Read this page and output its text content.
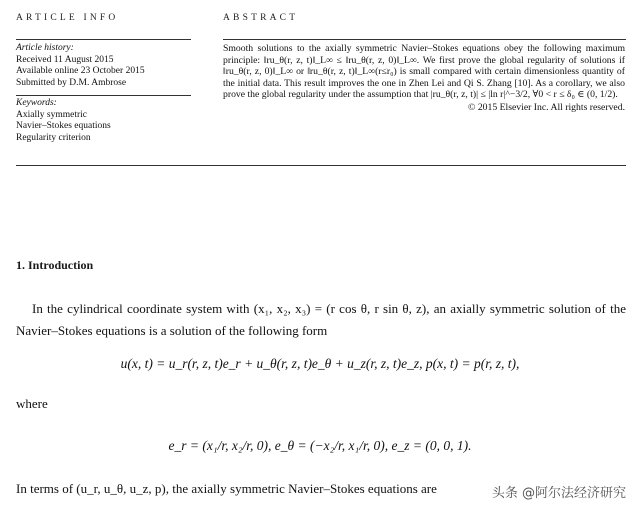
ARTICLE INFO	ABSTRACT
Article history:
Received 11 August 2015
Available online 23 October 2015
Submitted by D.M. Ambrose
Keywords:
Axially symmetric
Navier–Stokes equations
Regularity criterion

Smooth solutions to the axially symmetric Navier–Stokes equations obey the following maximum principle: ‖ru_θ(r, z, t)‖_L∞ ≤ ‖ru_θ(r, z, 0)‖_L∞. We first prove the global regularity of solutions if ‖ru_θ(r, z, 0)‖_L∞ or ‖ru_θ(r, z, t)‖_L∞(r≤r₀) is small compared with certain dimensionless quantity of the initial data. This result improves the one in Zhen Lei and Qi S. Zhang [10]. As a corollary, we also prove the global regularity under the assumption that |ru_θ(r, z, t)| ≤ |ln r|^−3/2, ∀0 < r ≤ δ₀ ∈ (0, 1/2).

© 2015 Elsevier Inc. All rights reserved.
1. Introduction
In the cylindrical coordinate system with (x₁, x₂, x₃) = (r cos θ, r sin θ, z), an axially symmetric solution of the Navier–Stokes equations is a solution of the following form
u(x, t) = u_r(r, z, t)e_r + u_θ(r, z, t)e_θ + u_z(r, z, t)e_z, p(x, t) = p(r, z, t),
where
e_r = (x₁/r, x₂/r, 0), e_θ = (−x₂/r, x₁/r, 0), e_z = (0, 0, 1).
In terms of (u_r, u_θ, u_z, p), the axially symmetric Navier–Stokes equations are	头条 @阿尔法经济研究
